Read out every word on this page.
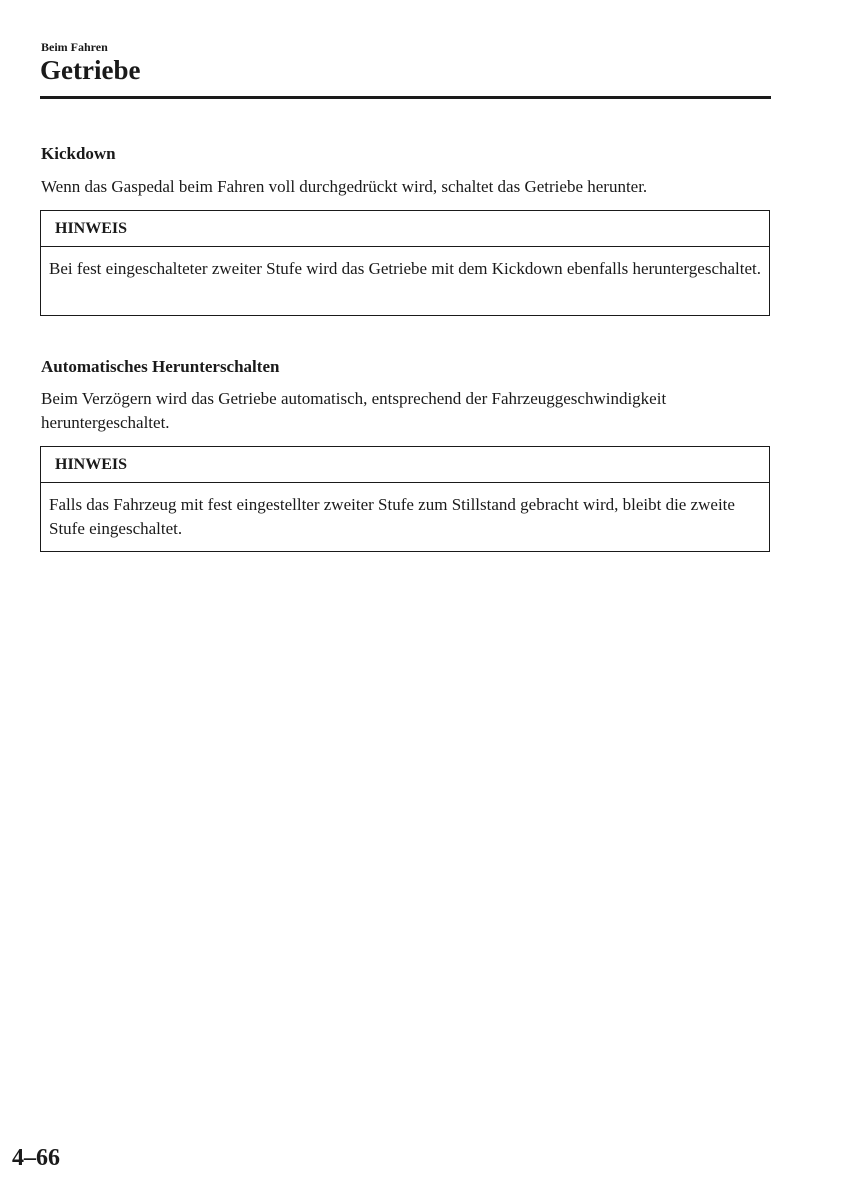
Beim Fahren
Getriebe
Kickdown
Wenn das Gaspedal beim Fahren voll durchgedrückt wird, schaltet das Getriebe herunter.
HINWEIS
Bei fest eingeschalteter zweiter Stufe wird das Getriebe mit dem Kickdown ebenfalls heruntergeschaltet.
Automatisches Herunterschalten
Beim Verzögern wird das Getriebe automatisch, entsprechend der Fahrzeuggeschwindigkeit heruntergeschaltet.
HINWEIS
Falls das Fahrzeug mit fest eingestellter zweiter Stufe zum Stillstand gebracht wird, bleibt die zweite Stufe eingeschaltet.
4–66
